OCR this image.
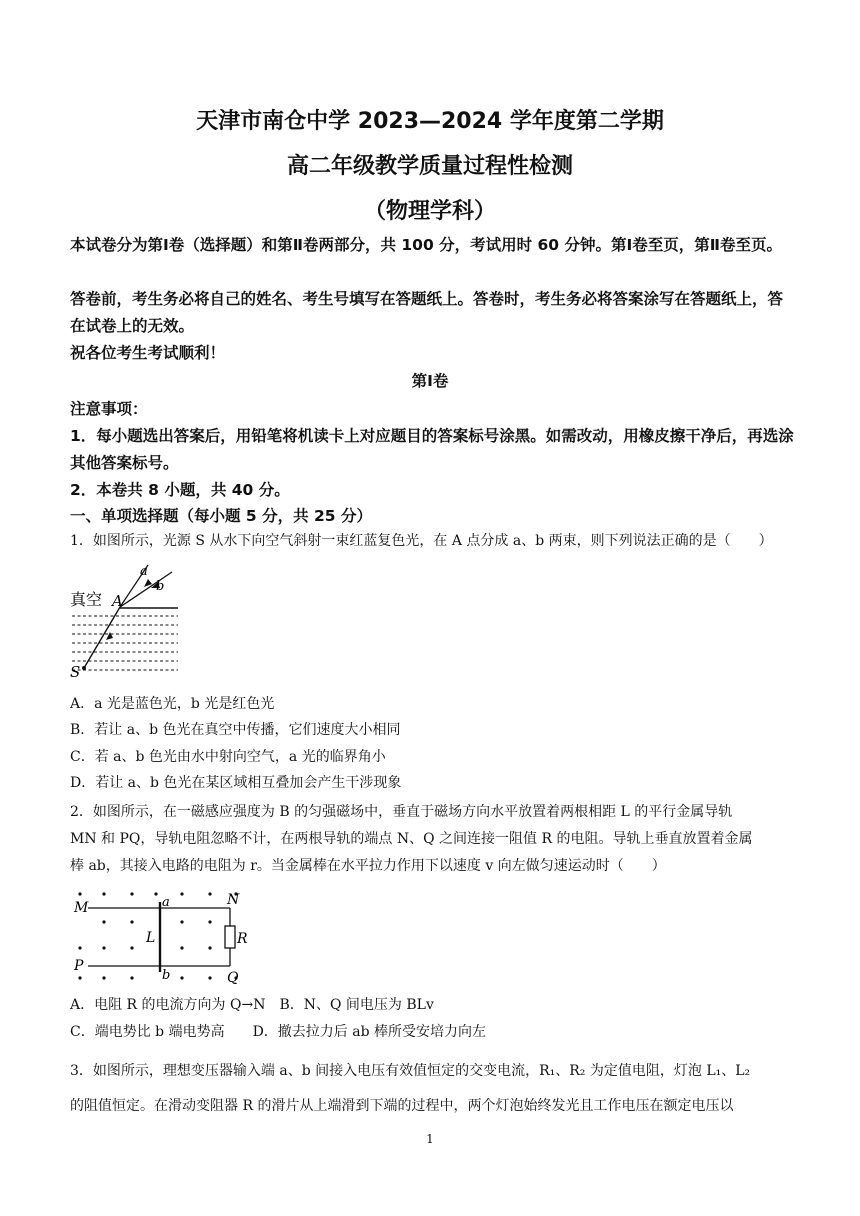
天津市南仓中学 2023—2024 学年度第二学期
高二年级教学质量过程性检测
（物理学科）
本试卷分为第Ⅰ卷（选择题）和第Ⅱ卷两部分，共 100 分，考试用时 60 分钟。第Ⅰ卷至页，第Ⅱ卷至页。
答卷前，考生务必将自己的姓名、考生号填写在答题纸上。答卷时，考生务必将答案涂写在答题纸上，答在试卷上的无效。
祝各位考生考试顺利！
第Ⅰ卷
注意事项：
1．每小题选出答案后，用铅笔将机读卡上对应题目的答案标号涂黑。如需改动，用橡皮擦干净后，再选涂其他答案标号。
2．本卷共 8 小题，共 40 分。
一、单项选择题（每小题 5 分，共 25 分）
1．如图所示，光源 S 从水下向空气斜射一束红蓝复色光，在 A 点分成 a、b 两束，则下列说法正确的是（　　）
真空 A
a
b
S
A．a 光是蓝色光，b 光是红色光
B．若让 a、b 色光在真空中传播，它们速度大小相同
C．若 a、b 色光由水中射向空气，a 光的临界角小
D．若让 a、b 色光在某区域相互叠加会产生干涉现象
2．如图所示，在一磁感应强度为 B 的匀强磁场中，垂直于磁场方向水平放置着两根相距 L 的平行金属导轨
MN 和 PQ，导轨电阻忽略不计，在两根导轨的端点 N、Q 之间连接一阻值 R 的电阻。导轨上垂直放置着金属
棒 ab，其接入电路的电阻为 r。当金属棒在水平拉力作用下以速度 v 向左做匀速运动时（　　）
M
P
N
Q
a
b
L	R
A．电阻 R 的电流方向为 Q→N　B．N、Q 间电压为 BLv
C．端电势比 b 端电势高　　D．撤去拉力后 ab 棒所受安培力向左
3．如图所示，理想变压器输入端 a、b 间接入电压有效值恒定的交变电流，R₁、R₂ 为定值电阻，灯泡 L₁、L₂
的阻值恒定。在滑动变阻器 R 的滑片从上端滑到下端的过程中，两个灯泡始终发光且工作电压在额定电压以
1
